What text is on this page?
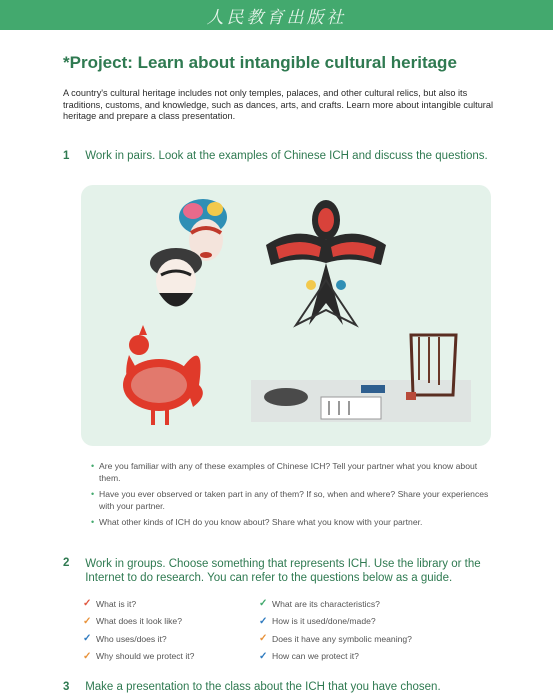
人民教育出版社
*Project: Learn about intangible cultural heritage
A country's cultural heritage includes not only temples, palaces, and other cultural relics, but also its traditions, customs, and knowledge, such as dances, arts, and crafts. Learn more about intangible cultural heritage and prepare a class presentation.
1 Work in pairs. Look at the examples of Chinese ICH and discuss the questions.
• Are you familiar with any of these examples of Chinese ICH? Tell your partner what you know about them.
• Have you ever observed or taken part in any of them? If so, when and where? Share your experiences with your partner.
• What other kinds of ICH do you know about? Share what you know with your partner.
2 Work in groups. Choose something that represents ICH. Use the library or the Internet to do research. You can refer to the questions below as a guide.
✓ What is it?	✓ What are its characteristics?
✓ What does it look like?	✓ How is it used/done/made?
✓ Who uses/does it?	✓ Does it have any symbolic meaning?
✓ Why should we protect it?	✓ How can we protect it?
3 Make a presentation to the class about the ICH that you have chosen.
